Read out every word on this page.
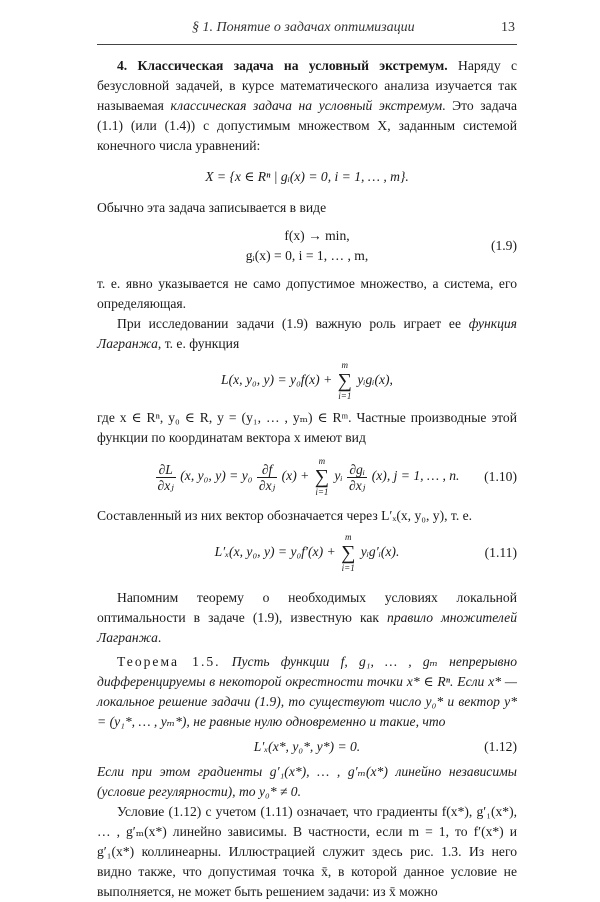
§ 1. Понятие о задачах оптимизации	13

4. Классическая задача на условный экстремум. Наряду с безусловной задачей, в курсе математического анализа изучается так называемая классическая задача на условный экстремум. Это задача (1.1) (или (1.4)) с допустимым множеством X, заданным системой конечного числа уравнений:

X = {x ∈ Rⁿ | gᵢ(x) = 0, i = 1, … , m}.

Обычно эта задача записывается в виде

f(x) → min,
gᵢ(x) = 0, i = 1, … , m,
(1.9)

т. е. явно указывается не само допустимое множество, а система, его определяющая.

При исследовании задачи (1.9) важную роль играет ее функция Лагранжа, т. е. функция

L(x, y₀, y) = y₀f(x) +
m
∑
i=1
yᵢgᵢ(x),

где x ∈ Rⁿ, y₀ ∈ R, y = (y₁, … , yₘ) ∈ Rᵐ. Частные производные этой функции по координатам вектора x имеют вид

$\frac{\partial L}{\text{∂xⱼ}} (x$, y₀, $y) = y_0 \frac{\partial f}{\text{∂xⱼ}} (x)$ +
m
∑
i=1
yᵢ $\frac{\text{∂gᵢ}}{\text{∂xⱼ}} (x)$, j = 1, … , n. (1.10)

Составленный из них вектор обозначается через L′ₓ(x, y₀, y), т. е.

L′ₓ(x, y₀, y) = y₀f′(x) +
m
∑
i=1
yᵢg′ᵢ(x).	(1.11)

Напомним теорему о необходимых условиях локальной оптимальности в задаче (1.9), известную как правило множителей Лагранжа.

Теорема 1.5. Пусть функции f, g₁, … , gₘ непрерывно дифференцируемы в некоторой окрестности точки x* ∈ Rⁿ. Если x* — локальное решение задачи (1.9), то существуют число y₀* и вектор y* = (y₁*, … , yₘ*), не равные нулю одновременно и такие, что

L′ₓ(x*, y₀*, y*) = 0.	(1.12)

Если при этом градиенты g′₁(x*), … , g′ₘ(x*) линейно независимы (условие регулярности), то y₀* ≠ 0.

Условие (1.12) с учетом (1.11) означает, что градиенты f(x*), g′₁(x*), … , g′ₘ(x*) линейно зависимы. В частности, если m = 1, то f′(x*) и g′₁(x*) коллинеарны. Иллюстрацией служит здесь рис. 1.3. Из него видно также, что допустимая точка x̄, в которой данное условие не выполняется, не может быть решением задачи: из x̄ можно
